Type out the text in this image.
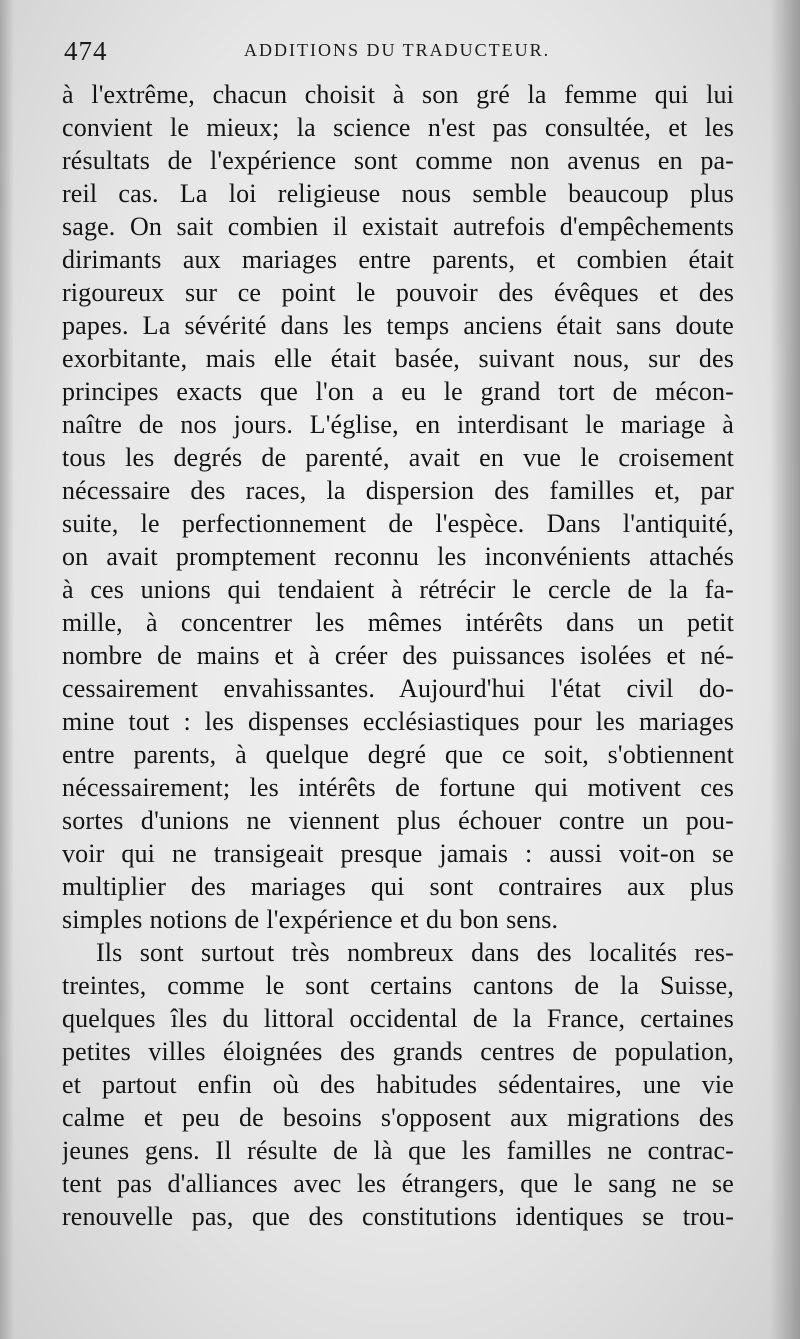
474	ADDITIONS DU TRADUCTEUR.
à l'extrême, chacun choisit à son gré la femme qui lui
convient le mieux; la science n'est pas consultée, et les
résultats de l'expérience sont comme non avenus en pa-
reil cas. La loi religieuse nous semble beaucoup plus
sage. On sait combien il existait autrefois d'empêchements
dirimants aux mariages entre parents, et combien était
rigoureux sur ce point le pouvoir des évêques et des
papes. La sévérité dans les temps anciens était sans doute
exorbitante, mais elle était basée, suivant nous, sur des
principes exacts que l'on a eu le grand tort de mécon-
naître de nos jours. L'église, en interdisant le mariage à
tous les degrés de parenté, avait en vue le croisement
nécessaire des races, la dispersion des familles et, par
suite, le perfectionnement de l'espèce. Dans l'antiquité,
on avait promptement reconnu les inconvénients attachés
à ces unions qui tendaient à rétrécir le cercle de la fa-
mille, à concentrer les mêmes intérêts dans un petit
nombre de mains et à créer des puissances isolées et né-
cessairement envahissantes. Aujourd'hui l'état civil do-
mine tout : les dispenses ecclésiastiques pour les mariages
entre parents, à quelque degré que ce soit, s'obtiennent
nécessairement; les intérêts de fortune qui motivent ces
sortes d'unions ne viennent plus échouer contre un pou-
voir qui ne transigeait presque jamais : aussi voit-on se
multiplier des mariages qui sont contraires aux plus
simples notions de l'expérience et du bon sens.
Ils sont surtout très nombreux dans des localités res-
treintes, comme le sont certains cantons de la Suisse,
quelques îles du littoral occidental de la France, certaines
petites villes éloignées des grands centres de population,
et partout enfin où des habitudes sédentaires, une vie
calme et peu de besoins s'opposent aux migrations des
jeunes gens. Il résulte de là que les familles ne contrac-
tent pas d'alliances avec les étrangers, que le sang ne se
renouvelle pas, que des constitutions identiques se trou-
